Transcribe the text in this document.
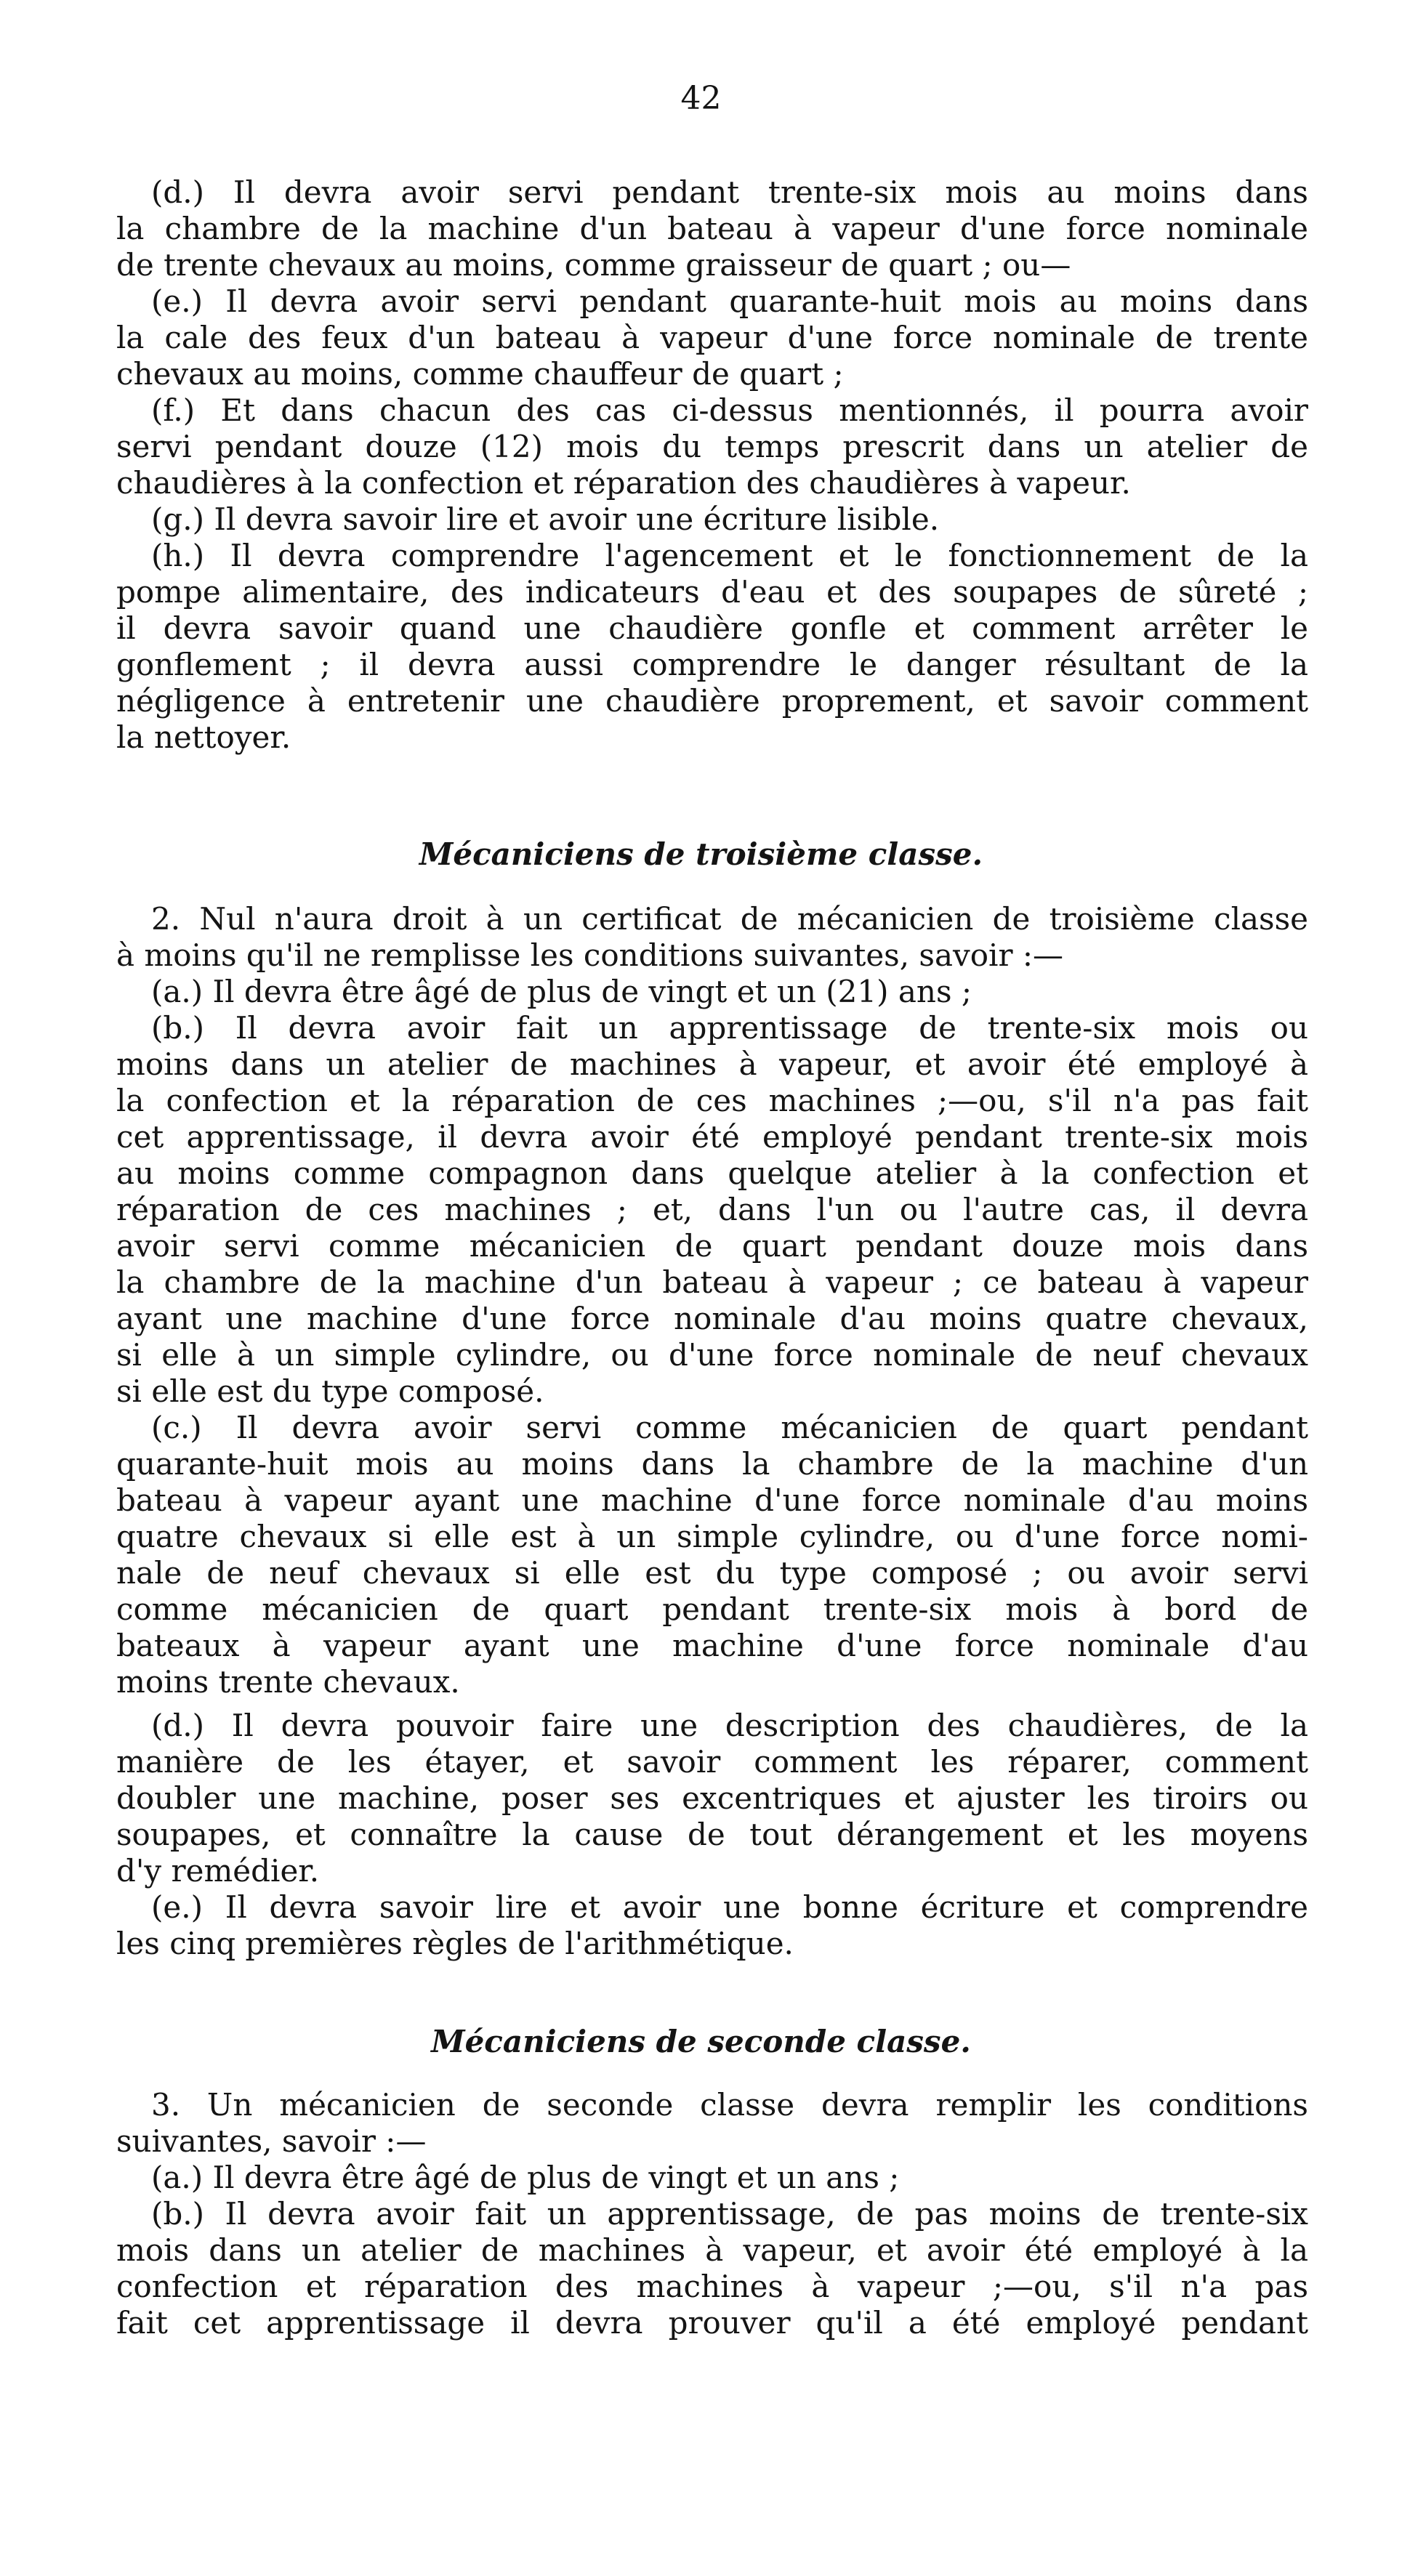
42
(d.) Il devra avoir servi pendant trente-six mois au moins dans
la chambre de la machine d'un bateau à vapeur d'une force nominale
de trente chevaux au moins, comme graisseur de quart ; ou—
(e.) Il devra avoir servi pendant quarante-huit mois au moins dans
la cale des feux d'un bateau à vapeur d'une force nominale de trente
chevaux au moins, comme chauffeur de quart ;
(f.) Et dans chacun des cas ci-dessus mentionnés, il pourra avoir
servi pendant douze (12) mois du temps prescrit dans un atelier de
chaudières à la confection et réparation des chaudières à vapeur.
(g.) Il devra savoir lire et avoir une écriture lisible.
(h.) Il devra comprendre l'agencement et le fonctionnement de la
pompe alimentaire, des indicateurs d'eau et des soupapes de sûreté ;
il devra savoir quand une chaudière gonfle et comment arrêter le
gonflement ; il devra aussi comprendre le danger résultant de la
négligence à entretenir une chaudière proprement, et savoir comment
la nettoyer.
Mécaniciens de troisième classe.
2. Nul n'aura droit à un certificat de mécanicien de troisième classe
à moins qu'il ne remplisse les conditions suivantes, savoir :—
(a.) Il devra être âgé de plus de vingt et un (21) ans ;
(b.) Il devra avoir fait un apprentissage de trente-six mois ou
moins dans un atelier de machines à vapeur, et avoir été employé à
la confection et la réparation de ces machines ;—ou, s'il n'a pas fait
cet apprentissage, il devra avoir été employé pendant trente-six mois
au moins comme compagnon dans quelque atelier à la confection et
réparation de ces machines ; et, dans l'un ou l'autre cas, il devra
avoir servi comme mécanicien de quart pendant douze mois dans
la chambre de la machine d'un bateau à vapeur ; ce bateau à vapeur
ayant une machine d'une force nominale d'au moins quatre chevaux,
si elle à un simple cylindre, ou d'une force nominale de neuf chevaux
si elle est du type composé.
(c.) Il devra avoir servi comme mécanicien de quart pendant
quarante-huit mois au moins dans la chambre de la machine d'un
bateau à vapeur ayant une machine d'une force nominale d'au moins
quatre chevaux si elle est à un simple cylindre, ou d'une force nomi-
nale de neuf chevaux si elle est du type composé ; ou avoir servi
comme mécanicien de quart pendant trente-six mois à bord de
bateaux à vapeur ayant une machine d'une force nominale d'au
moins trente chevaux.
(d.) Il devra pouvoir faire une description des chaudières, de la
manière de les étayer, et savoir comment les réparer, comment
doubler une machine, poser ses excentriques et ajuster les tiroirs ou
soupapes, et connaître la cause de tout dérangement et les moyens
d'y remédier.
(e.) Il devra savoir lire et avoir une bonne écriture et comprendre
les cinq premières règles de l'arithmétique.
Mécaniciens de seconde classe.
3. Un mécanicien de seconde classe devra remplir les conditions
suivantes, savoir :—
(a.) Il devra être âgé de plus de vingt et un ans ;
(b.) Il devra avoir fait un apprentissage, de pas moins de trente-six
mois dans un atelier de machines à vapeur, et avoir été employé à la
confection et réparation des machines à vapeur ;—ou, s'il n'a pas
fait cet apprentissage il devra prouver qu'il a été employé pendant
